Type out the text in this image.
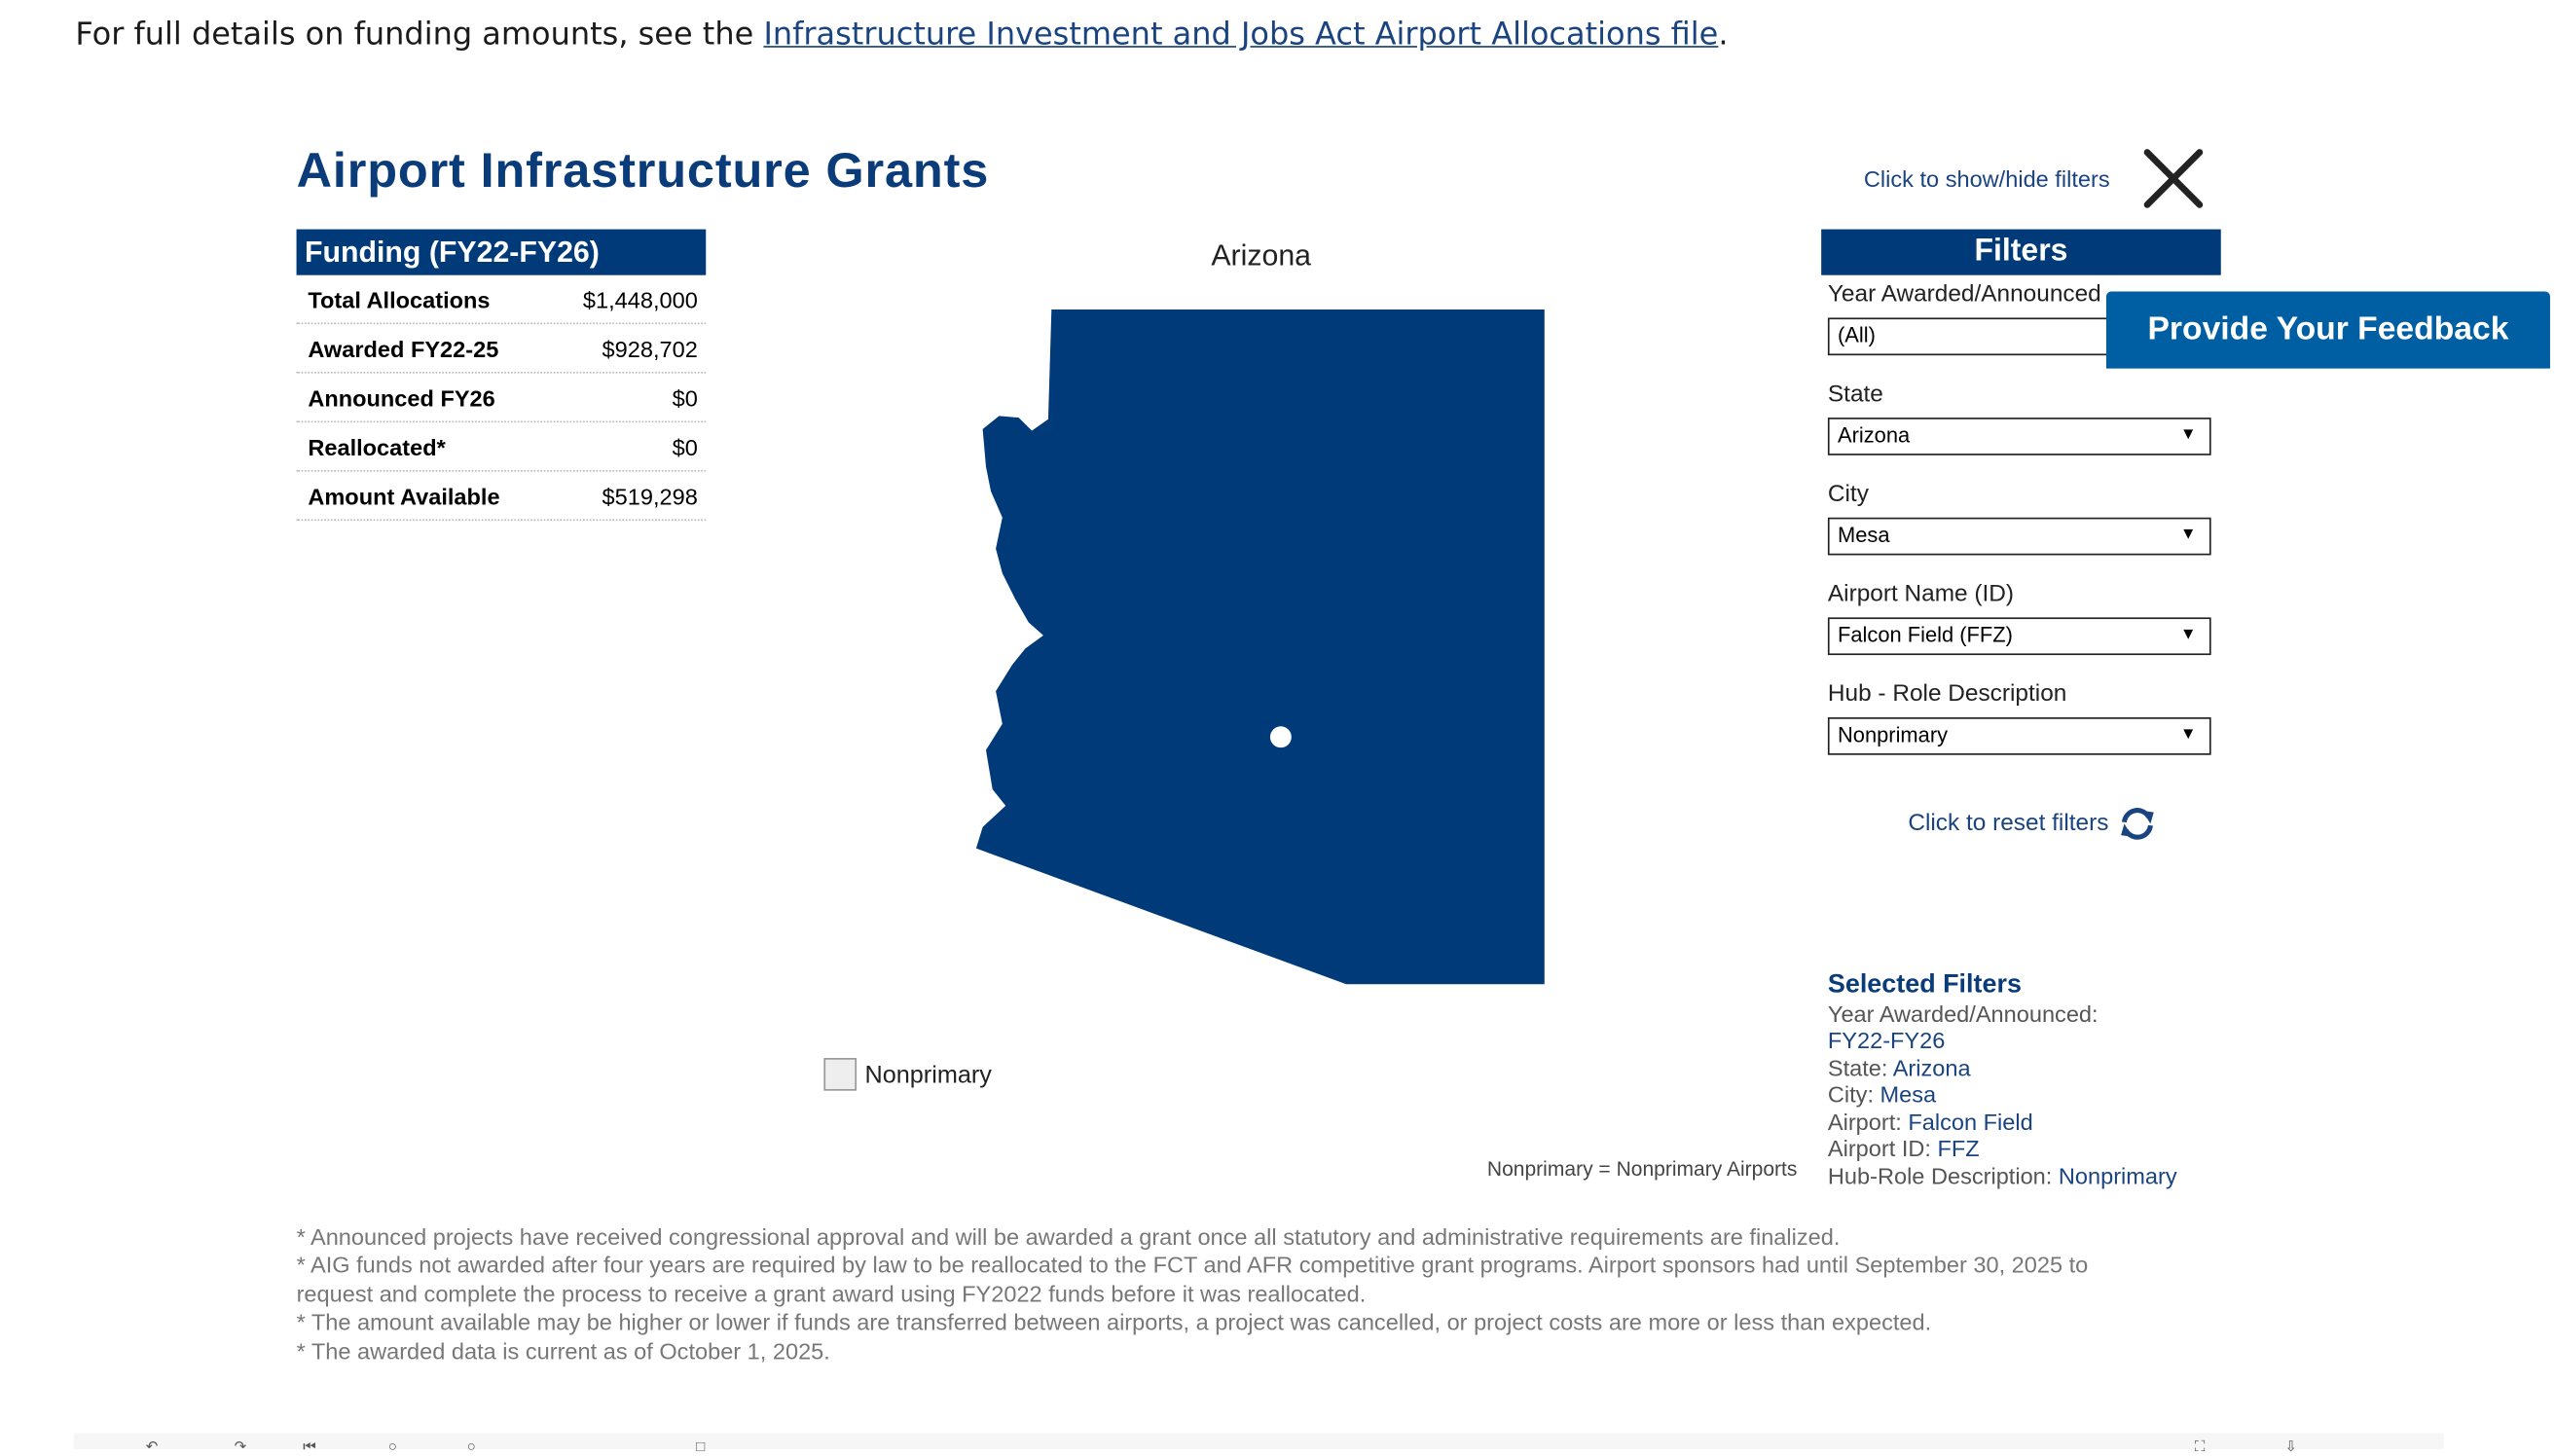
For full details on funding amounts, see the Infrastructure Investment and Jobs Act Airport Allocations file.
Airport Infrastructure Grants
Funding (FY22-FY26)
Total Allocations	$1,448,000
Awarded FY22-25	$928,702
Announced FY26	$0
Reallocated*	$0
Amount Available	$519,298
Arizona
Nonprimary
Nonprimary = Nonprimary Airports
Click to show/hide filters
Filters
Year Awarded/Announced
(All)
State
Arizona	▼
City
Mesa	▼
Airport Name (ID)
Falcon Field (FFZ)	▼
Hub - Role Description
Nonprimary	▼
Provide Your Feedback
Click to reset filters
Selected Filters
Year Awarded/Announced:
FY22-FY26
State: Arizona
City: Mesa
Airport: Falcon Field
Airport ID: FFZ
Hub-Role Description: Nonprimary
* Announced projects have received congressional approval and will be awarded a grant once all statutory and administrative requirements are finalized.
* AIG funds not awarded after four years are required by law to be reallocated to the FCT and AFR competitive grant programs. Airport sponsors had until September 30, 2025 to request and complete the process to receive a grant award using FY2022 funds before it was reallocated.
* The amount available may be higher or lower if funds are transferred between airports, a project was cancelled, or project costs are more or less than expected.
* The awarded data is current as of October 1, 2025.
↶	↷	⏮	○	○	□	⛶	⇩
